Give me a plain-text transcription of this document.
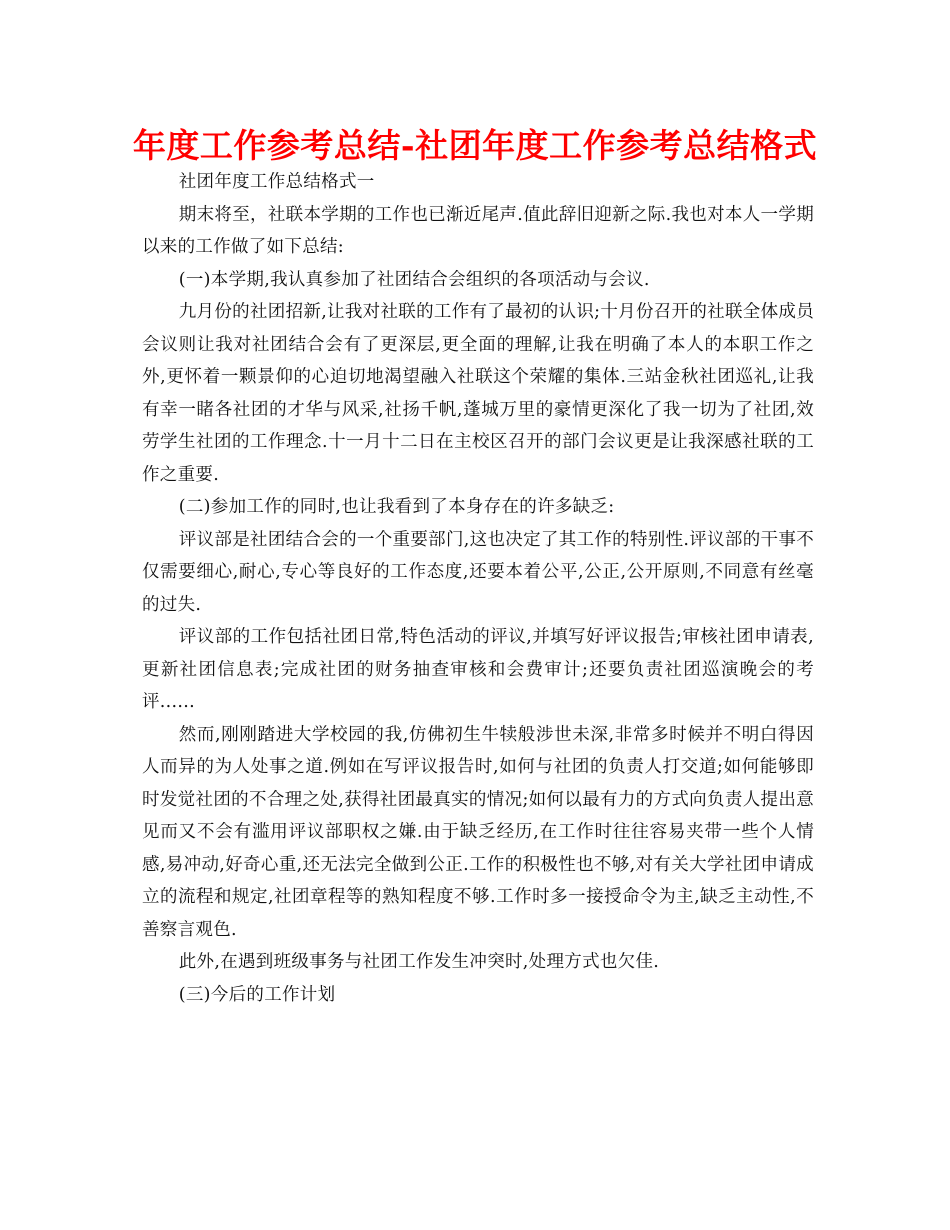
年度工作参考总结-社团年度工作参考总结格式

社团年度工作总结格式一

期末将至，社联本学期的工作也已渐近尾声.值此辞旧迎新之际.我也对本人一学期以来的工作做了如下总结:

(一)本学期,我认真参加了社团结合会组织的各项活动与会议.

九月份的社团招新,让我对社联的工作有了最初的认识;十月份召开的社联全体成员会议则让我对社团结合会有了更深层,更全面的理解,让我在明确了本人的本职工作之外,更怀着一颗景仰的心迫切地渴望融入社联这个荣耀的集体.三站金秋社团巡礼,让我有幸一睹各社团的才华与风采,社扬千帆,蓬城万里的豪情更深化了我一切为了社团,效劳学生社团的工作理念.十一月十二日在主校区召开的部门会议更是让我深感社联的工作之重要.

(二)参加工作的同时,也让我看到了本身存在的许多缺乏:

评议部是社团结合会的一个重要部门,这也决定了其工作的特别性.评议部的干事不仅需要细心,耐心,专心等良好的工作态度,还要本着公平,公正,公开原则,不同意有丝毫的过失.

评议部的工作包括社团日常,特色活动的评议,并填写好评议报告;审核社团申请表,更新社团信息表;完成社团的财务抽查审核和会费审计;还要负责社团巡演晚会的考评......

然而,刚刚踏进大学校园的我,仿佛初生牛犊般涉世未深,非常多时候并不明白得因人而异的为人处事之道.例如在写评议报告时,如何与社团的负责人打交道;如何能够即时发觉社团的不合理之处,获得社团最真实的情况;如何以最有力的方式向负责人提出意见而又不会有滥用评议部职权之嫌.由于缺乏经历,在工作时往往容易夹带一些个人情感,易冲动,好奇心重,还无法完全做到公正.工作的积极性也不够,对有关大学社团申请成立的流程和规定,社团章程等的熟知程度不够.工作时多一接授命令为主,缺乏主动性,不善察言观色.

此外,在遇到班级事务与社团工作发生冲突时,处理方式也欠佳.

(三)今后的工作计划
